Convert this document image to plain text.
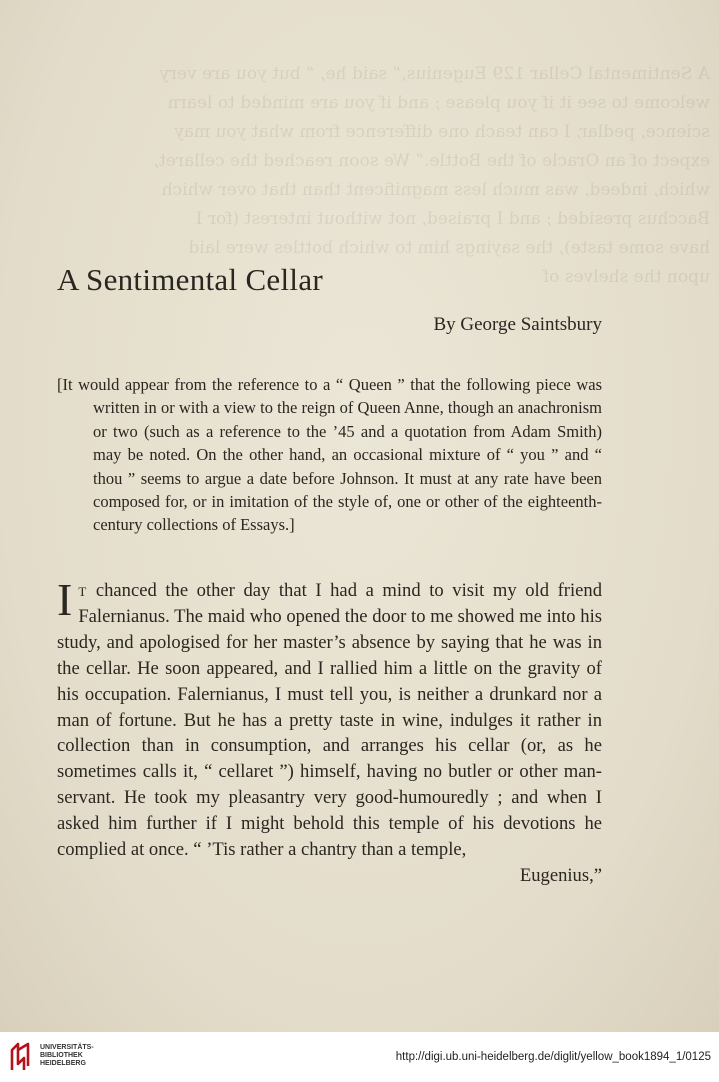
A Sentimental Cellar 129 Eugenius,” said he, “ but you are very welcome to see it if you please ; and if you are minded to learn science, pedlar, I can teach one difference from what you may expect of an Oracle of the Bottle.” We soon reached the cellaret, which, indeed, was much less magnificent than that over which Bacchus presided ; and I praised, not without interest (for I have some taste), the sayings him to which bottles were laid upon the shelves of
A Sentimental Cellar
By George Saintsbury
[It would appear from the reference to a “ Queen ” that the following piece was written in or with a view to the reign of Queen Anne, though an anachronism or two (such as a reference to the ’45 and a quotation from Adam Smith) may be noted. On the other hand, an occasional mixture of “ you ” and “ thou ” seems to argue a date before Johnson. It must at any rate have been composed for, or in imitation of the style of, one or other of the eighteenth-century collections of Essays.]
It chanced the other day that I had a mind to visit my old friend Falernianus. The maid who opened the door to me showed me into his study, and apologised for her master’s absence by saying that he was in the cellar. He soon appeared, and I rallied him a little on the gravity of his occupation. Falernianus, I must tell you, is neither a drunkard nor a man of fortune. But he has a pretty taste in wine, indulges it rather in collection than in consumption, and arranges his cellar (or, as he sometimes calls it, “ cellaret ”) himself, having no butler or other man-servant. He took my pleasantry very good-humouredly ; and when I asked him further if I might behold this temple of his devotions he complied at once. “ ’Tis rather a chantry than a temple,
Eugenius,”
UNIVERSITÄTS-
BIBLIOTHEK
HEIDELBERG
http://digi.ub.uni-heidelberg.de/diglit/yellow_book1894_1/0125
